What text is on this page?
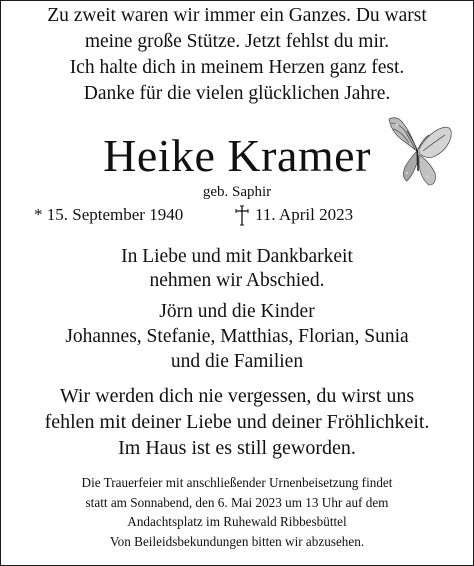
Zu zweit waren wir immer ein Ganzes. Du warst
meine große Stütze. Jetzt fehlst du mir.
Ich halte dich in meinem Herzen ganz fest.
Danke für die vielen glücklichen Jahre.
Heike Kramer
geb. Saphir
* 15. September 1940	11. April 2023
In Liebe und mit Dankbarkeit
nehmen wir Abschied.
Jörn und die Kinder
Johannes, Stefanie, Matthias, Florian, Sunia
und die Familien
Wir werden dich nie vergessen, du wirst uns
fehlen mit deiner Liebe und deiner Fröhlichkeit.
Im Haus ist es still geworden.
Die Trauerfeier mit anschließender Urnenbeisetzung findet
statt am Sonnabend, den 6. Mai 2023 um 13 Uhr auf dem
Andachtsplatz im Ruhewald Ribbesbüttel
Von Beileidsbekundungen bitten wir abzusehen.
